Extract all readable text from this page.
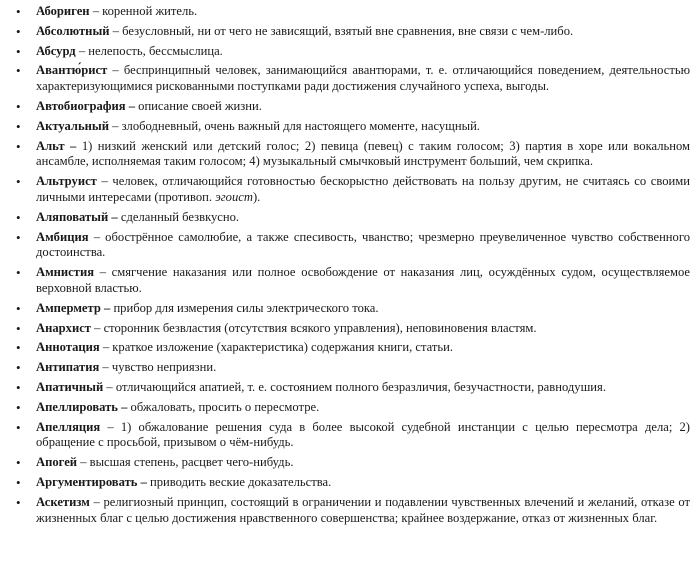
• Абориген – коренной житель.
• Абсолютный – безусловный, ни от чего не зависящий, взятый вне сравнения, вне связи с чем-либо.
• Абсурд – нелепость, бессмыслица.
• Авантю́рист – беспринципный человек, занимающийся авантюрами, т. е. отличающийся поведением, деятельностью характеризующимися рискованными поступками ради достижения случайного успеха, выгоды.
• Автобиография – описание своей жизни.
• Актуальный – злободневный, очень важный для настоящего моменте, насущный.
• Альт – 1) низкий женский или детский голос; 2) певица (певец) с таким голосом; 3) партия в хоре или вокальном ансамбле, исполняемая таким голосом; 4) музыкальный смычковый инструмент больший, чем скрипка.
• Альтруист – человек, отличающийся готовностью бескорыстно действовать на пользу другим, не считаясь со своими личными интересами (противоп. эгоист).
• Аляповатый – сделанный безвкусно.
• Амбиция – обострённое самолюбие, а также спесивость, чванство; чрезмерно преувеличенное чувство собственного достоинства.
• Амнистия – смягчение наказания или полное освобождение от наказания лиц, осуждённых судом, осуществляемое верховной властью.
• Амперметр – прибор для измерения силы электрического тока.
• Анархист – сторонник безвластия (отсутствия всякого управления), неповиновения властям.
• Аннотация – краткое изложение (характеристика) содержания книги, статьи.
• Антипатия – чувство неприязни.
• Апатичный – отличающийся апатией, т. е. состоянием полного безразличия, безучастности, равнодушия.
• Апеллировать – обжаловать, просить о пересмотре.
• Апелляция – 1) обжалование решения суда в более высокой судебной инстанции с целью пересмотра дела; 2) обращение с просьбой, призывом о чём-нибудь.
• Апогей – высшая степень, расцвет чего-нибудь.
• Аргументировать – приводить веские доказательства.
• Аскетизм – религиозный принцип, состоящий в ограничении и подавлении чувственных влечений и желаний, отказе от жизненных благ с целью достижения нравственного совершенства; крайнее воздержание, отказ от жизненных благ.
